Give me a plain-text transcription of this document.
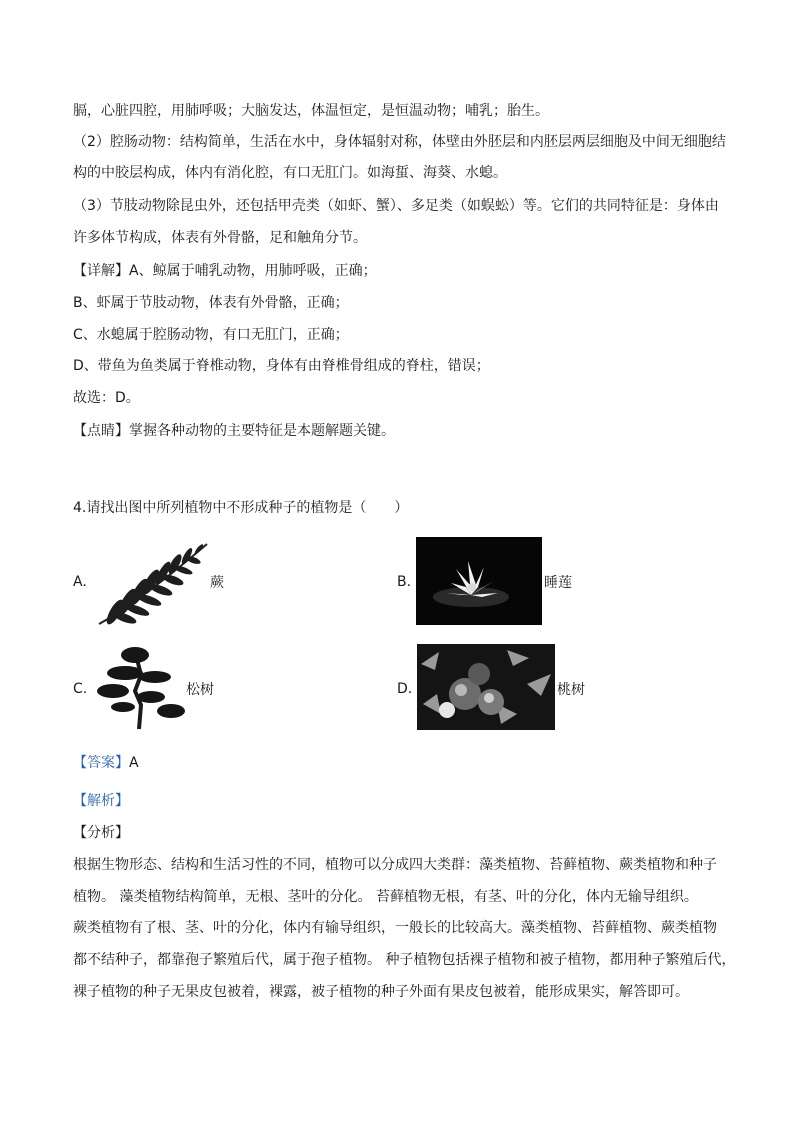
膈，心脏四腔，用肺呼吸；大脑发达，体温恒定，是恒温动物；哺乳；胎生。
（2）腔肠动物：结构简单，生活在水中，身体辐射对称，体壁由外胚层和内胚层两层细胞及中间无细胞结
构的中胶层构成，体内有消化腔，有口无肛门。如海蜇、海葵、水螅。
（3）节肢动物除昆虫外，还包括甲壳类（如虾、蟹）、多足类（如蜈蚣）等。它们的共同特征是：身体由
许多体节构成，体表有外骨骼，足和触角分节。
【详解】A、鲸属于哺乳动物，用肺呼吸，正确；
B、虾属于节肢动物，体表有外骨骼，正确；
C、水螅属于腔肠动物，有口无肛门，正确；
D、带鱼为鱼类属于脊椎动物，身体有由脊椎骨组成的脊柱，错误；
故选：D。
【点睛】掌握各种动物的主要特征是本题解题关键。
4.请找出图中所列植物中不形成种子的植物是（　　）
A.	蕨	B.	睡莲
C.	松树	D.	桃树
【答案】A
【解析】
【分析】
根据生物形态、结构和生活习性的不同，植物可以分成四大类群：藻类植物、苔藓植物、蕨类植物和种子
植物。 藻类植物结构简单，无根、茎叶的分化。 苔藓植物无根，有茎、叶的分化，体内无输导组织。
蕨类植物有了根、茎、叶的分化，体内有输导组织，一般长的比较高大。藻类植物、苔藓植物、蕨类植物
都不结种子，都靠孢子繁殖后代，属于孢子植物。 种子植物包括裸子植物和被子植物，都用种子繁殖后代，
裸子植物的种子无果皮包被着，裸露，被子植物的种子外面有果皮包被着，能形成果实，解答即可。
